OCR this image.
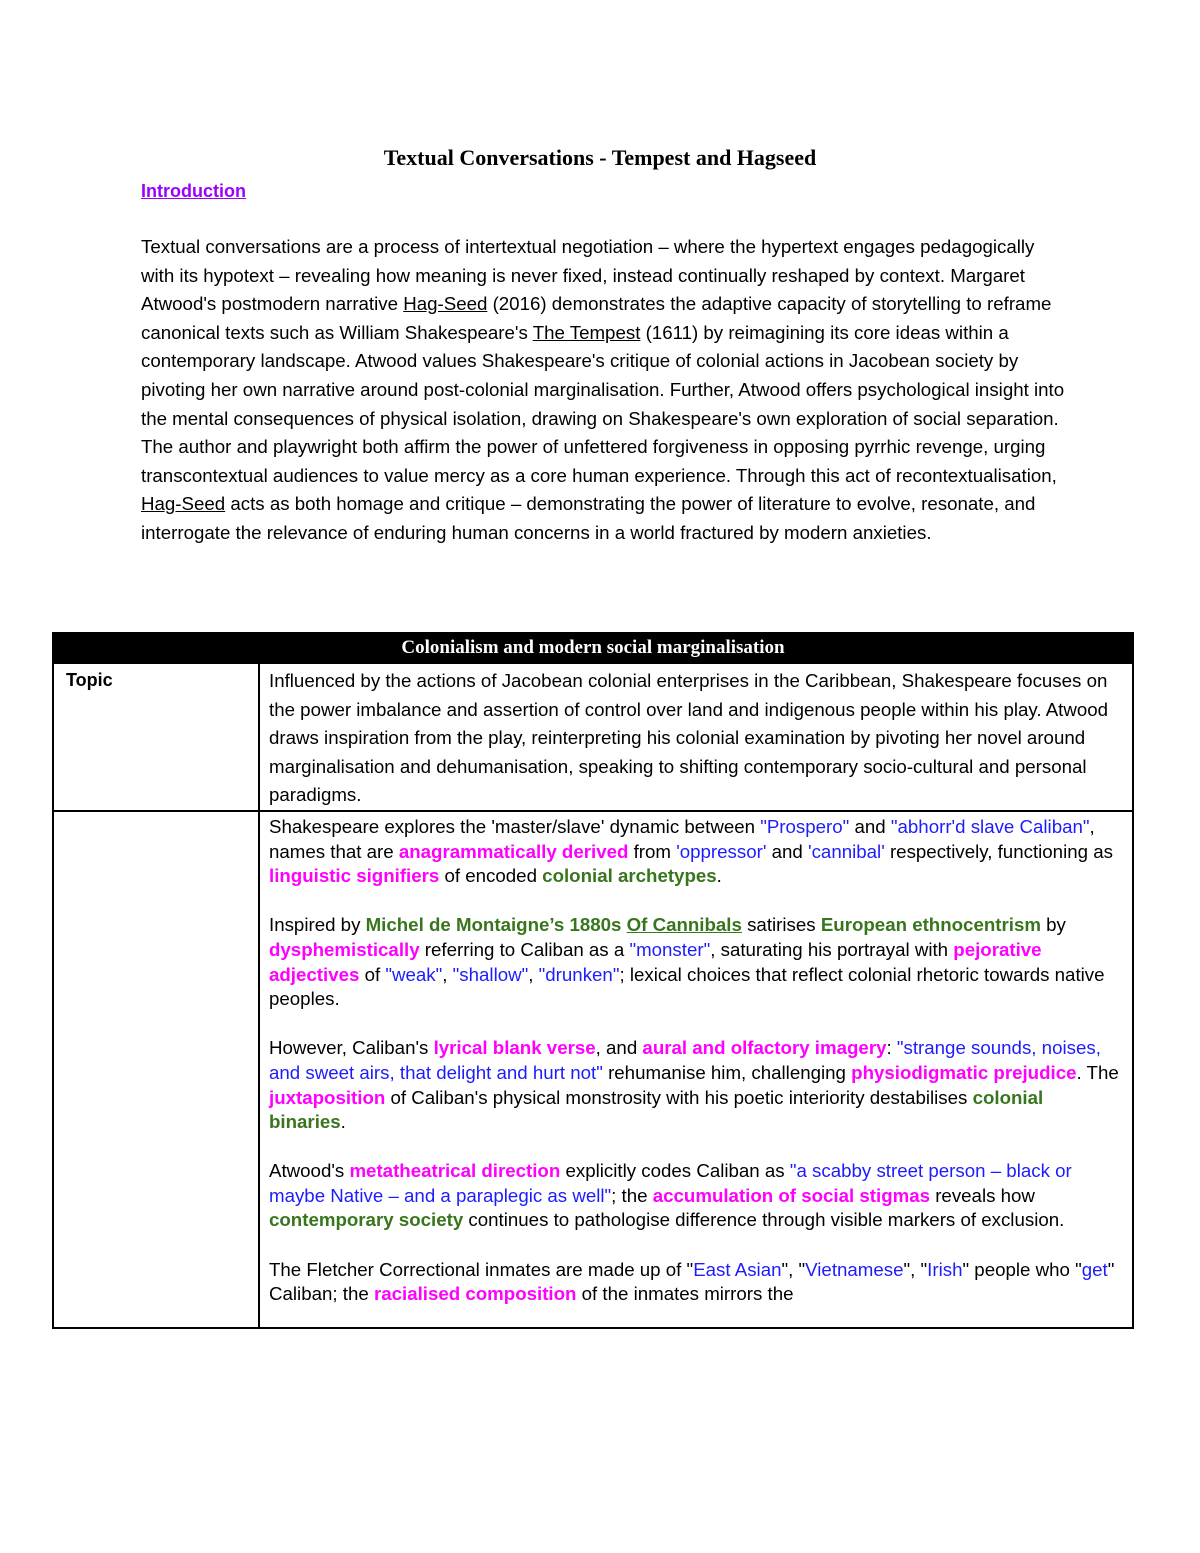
Textual Conversations - Tempest and Hagseed
Introduction

Textual conversations are a process of intertextual negotiation – where the hypertext engages pedagogically with its hypotext – revealing how meaning is never fixed, instead continually reshaped by context. Margaret Atwood's postmodern narrative Hag-Seed (2016) demonstrates the adaptive capacity of storytelling to reframe canonical texts such as William Shakespeare's The Tempest (1611) by reimagining its core ideas within a contemporary landscape. Atwood values Shakespeare's critique of colonial actions in Jacobean society by pivoting her own narrative around post-colonial marginalisation. Further, Atwood offers psychological insight into the mental consequences of physical isolation, drawing on Shakespeare's own exploration of social separation. The author and playwright both affirm the power of unfettered forgiveness in opposing pyrrhic revenge, urging transcontextual audiences to value mercy as a core human experience. Through this act of recontextualisation, Hag-Seed acts as both homage and critique – demonstrating the power of literature to evolve, resonate, and interrogate the relevance of enduring human concerns in a world fractured by modern anxieties.

Colonialism and modern social marginalisation	

Topic	Influenced by the actions of Jacobean colonial enterprises in the Caribbean, Shakespeare focuses on the power imbalance and assertion of control over land and indigenous people within his play. Atwood draws inspiration from the play, reinterpreting his colonial examination by pivoting her novel around marginalisation and dehumanisation, speaking to shifting contemporary socio-cultural and personal paradigms.

	Shakespeare explores the 'master/slave' dynamic between "Prospero" and "abhorr'd slave Caliban", names that are anagrammatically derived from 'oppressor' and 'cannibal' respectively, functioning as linguistic signifiers of encoded colonial archetypes.

Inspired by Michel de Montaigne’s 1880s Of Cannibals satirises European ethnocentrism by dysphemistically referring to Caliban as a "monster", saturating his portrayal with pejorative adjectives of "weak", "shallow", "drunken"; lexical choices that reflect colonial rhetoric towards native peoples.

However, Caliban's lyrical blank verse, and aural and olfactory imagery: "strange sounds, noises, and sweet airs, that delight and hurt not" rehumanise him, challenging physiodigmatic prejudice. The juxtaposition of Caliban's physical monstrosity with his poetic interiority destabilises colonial binaries.

Atwood's metatheatrical direction explicitly codes Caliban as "a scabby street person – black or maybe Native – and a paraplegic as well"; the accumulation of social stigmas reveals how contemporary society continues to pathologise difference through visible markers of exclusion.

The Fletcher Correctional inmates are made up of "East Asian", "Vietnamese", "Irish" people who "get" Caliban; the racialised composition of the inmates mirrors the
